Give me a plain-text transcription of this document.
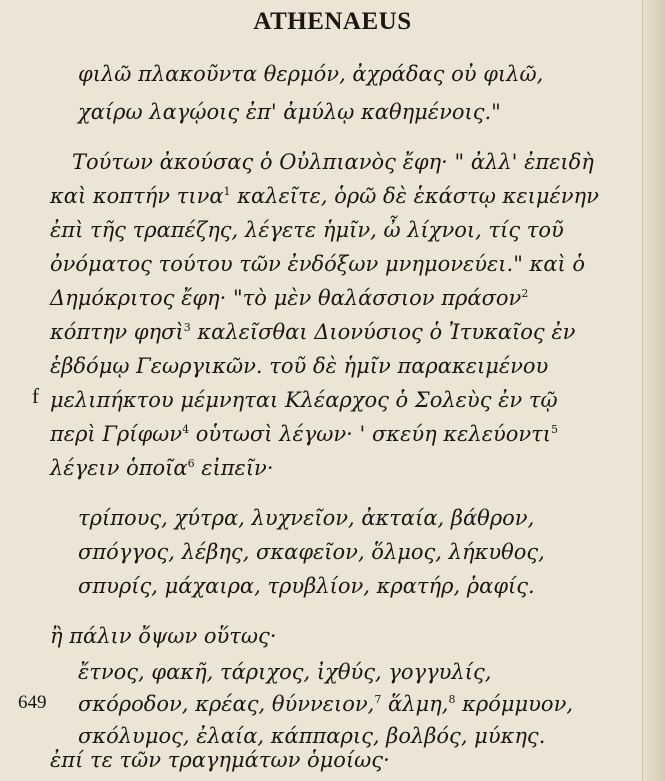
ATHENAEUS
φιλῶ πλακοῦντα θερμόν, ἀχράδας οὐ φιλῶ,
χαίρω λαγῴοις ἐπ' ἀμύλῳ καθημένοις."
Τούτων ἀκούσας ὁ Οὐλπιανὸς ἔφη· " ἀλλ' ἐπειδὴ
καὶ κοπτήν τινα$^1$ καλεῖτε, ὁρῶ δὲ ἑκάστῳ κειμένην
ἐπὶ τῆς τραπέζης, λέγετε ἡμῖν, ὦ λίχνοι, τίς τοῦ
ὀνόματος τούτου τῶν ἐνδόξων μνημονεύει." καὶ ὁ
Δημόκριτος ἔφη· "τὸ μὲν θαλάσσιον πράσον$^2$
κόπτην φησὶ$^3$ καλεῖσθαι Διονύσιος ὁ Ἰτυκαῖος ἐν
ἑβδόμῳ Γεωργικῶν. τοῦ δὲ ἡμῖν παρακειμένου
μελιπήκτου μέμνηται Κλέαρχος ὁ Σολεὺς ἐν τῷ
περὶ Γρίφων$^4$ οὑτωσὶ λέγων· ' σκεύη κελεύοντι$^5$
λέγειν ὁποῖα$^6$ εἰπεῖν·
f
τρίπους, χύτρα, λυχνεῖον, ἀκταία, βάθρον,
σπόγγος, λέβης, σκαφεῖον, ὅλμος, λήκυθος,
σπυρίς, μάχαιρα, τρυβλίον, κρατήρ, ῥαφίς.
ἢ πάλιν ὄψων οὕτως·
ἔτνος, φακῆ, τάριχος, ἰχθύς, γογγυλίς,
σκόροδον, κρέας, θύννειον,$^7$ ἅλμη,$^8$ κρόμμυον,
σκόλυμος, ἐλαία, κάππαρις, βολβός, μύκης.
649
ἐπί τε τῶν τραγημάτων ὁμοίως·
